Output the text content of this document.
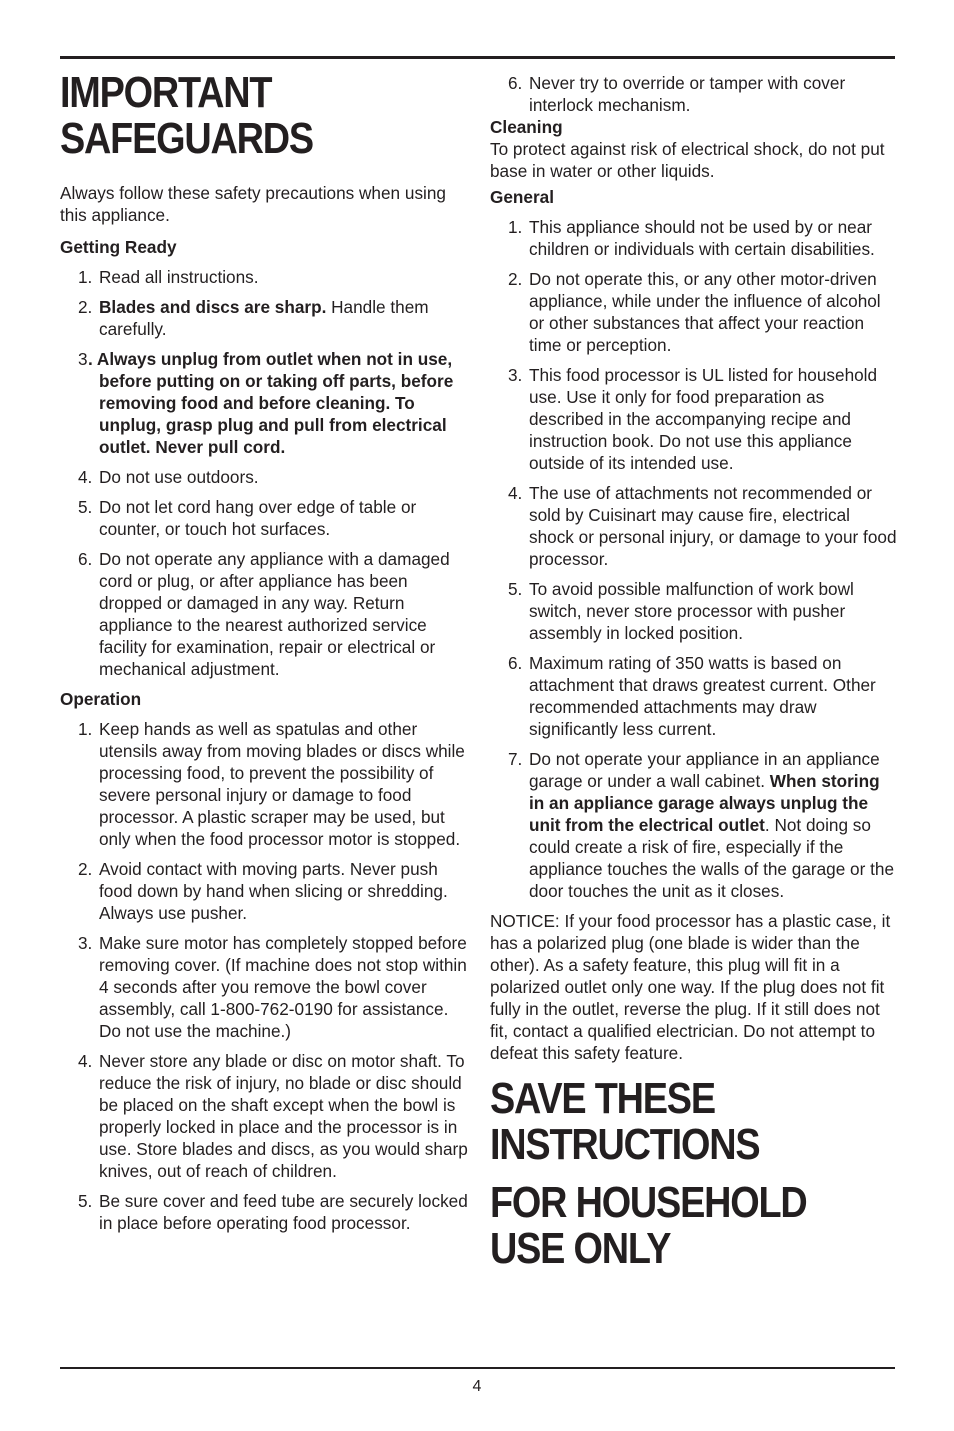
IMPORTANT
SAFEGUARDS

Always follow these safety precautions when using this appliance.

Getting Ready
1. Read all instructions.
2. Blades and discs are sharp. Handle them carefully.
3 . Always unplug from outlet when not in use, before putting on or taking off parts, before removing food and before cleaning. To unplug, grasp plug and pull from electrical outlet. Never pull cord.
4. Do not use outdoors.
5. Do not let cord hang over edge of table or counter, or touch hot surfaces.
6. Do not operate any appliance with a damaged cord or plug, or after appliance has been dropped or damaged in any way. Return appliance to the nearest authorized service facility for examination, repair or electrical or mechanical adjustment.
Operation
1. Keep hands as well as spatulas and other utensils away from moving blades or discs while processing food, to prevent the possibility of severe personal injury or damage to food processor. A plastic scraper may be used, but only when the food processor motor is stopped.
2. Avoid contact with moving parts. Never push food down by hand when slicing or shredding. Always use pusher.
3. Make sure motor has completely stopped before removing cover. (If machine does not stop within 4 seconds after you remove the bowl cover assembly, call 1-800-762-0190 for assistance. Do not use the machine.)
4. Never store any blade or disc on motor shaft. To reduce the risk of injury, no blade or disc should be placed on the shaft except when the bowl is properly locked in place and the processor is in use. Store blades and discs, as you would sharp knives, out of reach of children.
5. Be sure cover and feed tube are securely locked in place before operating food processor.
6. Never try to override or tamper with cover interlock mechanism.
Cleaning

To protect against risk of electrical shock, do not put base in water or other liquids.

General
1. This appliance should not be used by or near children or individuals with certain disabilities.
2. Do not operate this, or any other motor-driven appliance, while under the influence of alcohol or other substances that affect your reaction time or perception.
3. This food processor is UL listed for household use. Use it only for food preparation as described in the accompanying recipe and instruction book. Do not use this appliance outside of its intended use.
4. The use of attachments not recommended or sold by Cuisinart may cause fire, electrical shock or personal injury, or damage to your food processor.
5. To avoid possible malfunction of work bowl switch, never store processor with pusher assembly in locked position.
6. Maximum rating of 350 watts is based on attachment that draws greatest current. Other recommended attachments may draw significantly less current.
7. Do not operate your appliance in an appliance garage or under a wall cabinet. When storing in an appliance garage always unplug the unit from the electrical outlet. Not doing so could create a risk of fire, especially if the appliance touches the walls of the garage or the door touches the unit as it closes.

NOTICE: If your food processor has a plastic case, it has a polarized plug (one blade is wider than the other). As a safety feature, this plug will fit in a polarized outlet only one way. If the plug does not fit fully in the outlet, reverse the plug. If it still does not fit, contact a qualified electrician. Do not attempt to defeat this safety feature.

SAVE THESE
INSTRUCTIONS
FOR HOUSEHOLD
USE ONLY
4
